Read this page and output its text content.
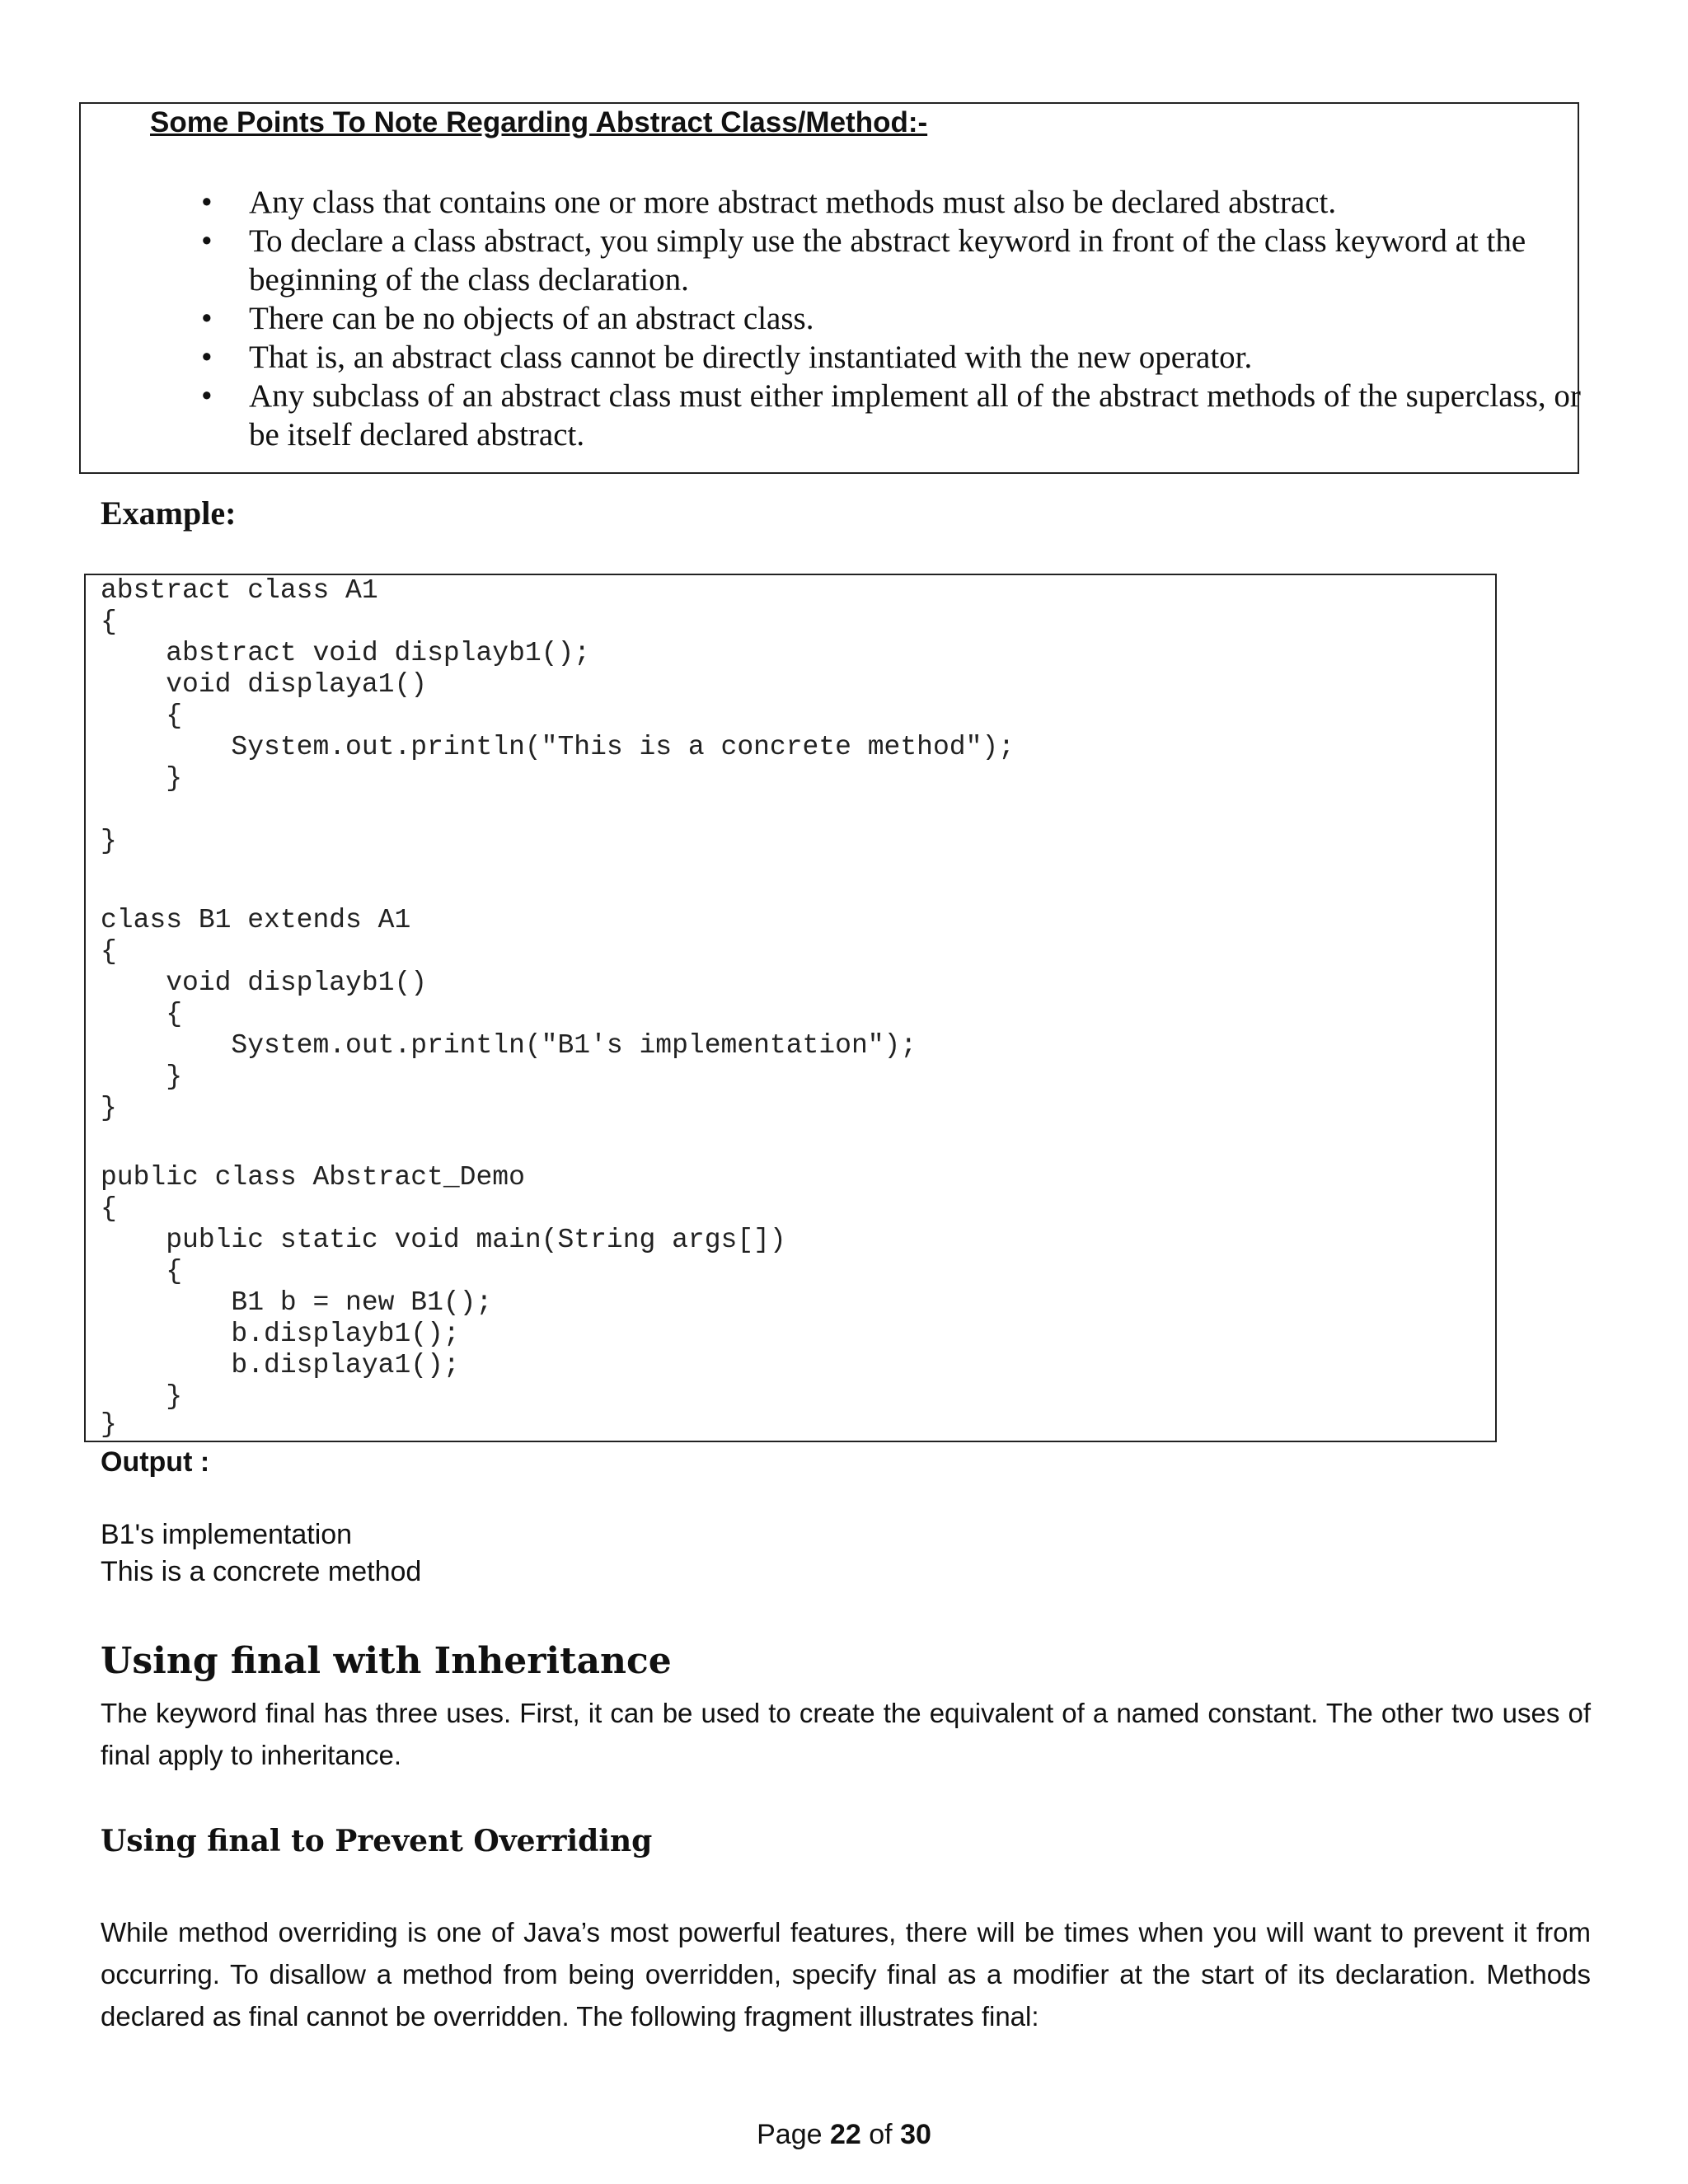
Some Points To Note Regarding Abstract Class/Method:-
• Any class that contains one or more abstract methods must also be declared abstract.
• To declare a class abstract, you simply use the abstract keyword in front of the class keyword at the beginning of the class declaration.
• There can be no objects of an abstract class.
• That is, an abstract class cannot be directly instantiated with the new operator.
• Any subclass of an abstract class must either implement all of the abstract methods of the superclass, or be itself declared abstract.
Example:
abstract class A1
{
abstract void displayb1();
void displaya1()
{
System.out.println("This is a concrete method");
}
}
class B1 extends A1
{
void displayb1()
{
System.out.println("B1's implementation");
}
}
public class Abstract_Demo
{
public static void main(String args[])
{
B1 b = new B1();
b.displayb1();
b.displaya1();
}
}

Output :

B1's implementation

This is a concrete method

Using final with Inheritance

The keyword final has three uses. First, it can be used to create the equivalent of a named constant. The other two uses of final apply to inheritance.

Using final to Prevent Overriding

While method overriding is one of Java’s most powerful features, there will be times when you will want to prevent it from occurring. To disallow a method from being overridden, specify final as a modifier at the start of its declaration. Methods declared as final cannot be overridden. The following fragment illustrates final:

Page 22 of 30
